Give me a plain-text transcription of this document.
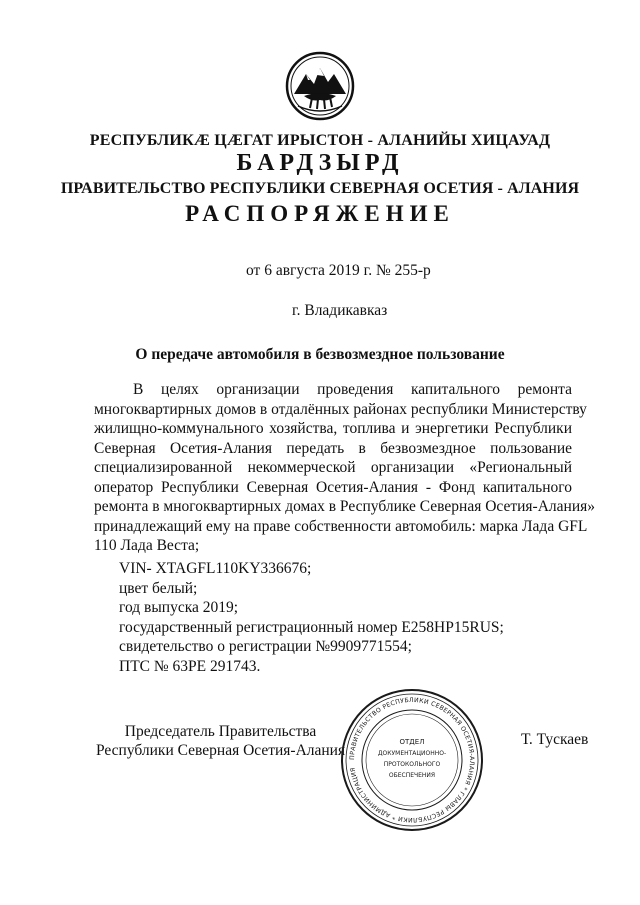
РЕСПУБЛИКÆ ЦÆГАТ ИРЫСТОН - АЛАНИЙЫ ХИЦАУАД
БАРДЗЫРД
ПРАВИТЕЛЬСТВО РЕСПУБЛИКИ СЕВЕРНАЯ ОСЕТИЯ - АЛАНИЯ
РАСПОРЯЖЕНИЕ
от 6 августа 2019 г. № 255-р
г. Владикавказ
О передаче автомобиля в безвозмездное пользование
В целях организации проведения капитального ремонта
многоквартирных домов в отдалённых районах республики Министерству
жилищно-коммунального хозяйства, топлива и энергетики Республики
Северная Осетия-Алания передать в безвозмездное пользование
специализированной некоммерческой организации «Региональный
оператор Республики Северная Осетия-Алания - Фонд капитального
ремонта в многоквартирных домах в Республике Северная Осетия-Алания»
принадлежащий ему на праве собственности автомобиль: марка Лада GFL
110 Лада Веста;
VIN- XTAGFL110KY336676;
цвет белый;
год выпуска 2019;
государственный регистрационный номер Е258НР15RUS;
свидетельство о регистрации №9909771554;
ПТС № 63РЕ 291743.
Председатель Правительства
Республики Северная Осетия-Алания
Т. Тускаев
ПРАВИТЕЛЬСТВО РЕСПУБЛИКИ СЕВЕРНАЯ ОСЕТИЯ-АЛАНИЯ * ГЛАВЫ РЕСПУБЛИКИ * АДМИНИСТРАЦИЯ
ОТДЕЛ
ДОКУМЕНТАЦИОННО-
ПРОТОКОЛЬНОГО
ОБЕСПЕЧЕНИЯ
